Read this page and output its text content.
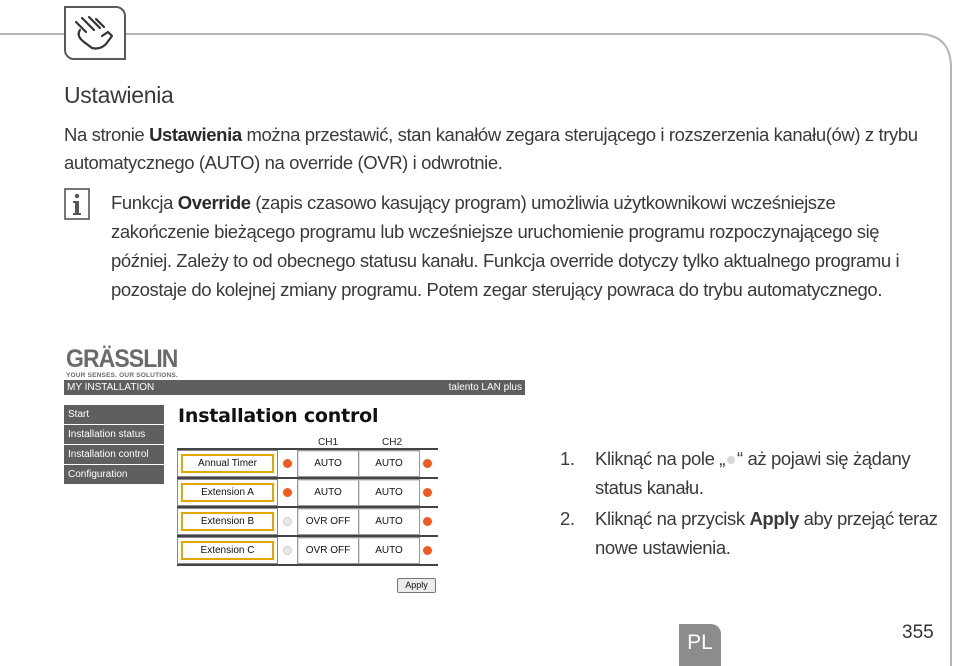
Ustawienia
Na stronie Ustawienia można przestawić, stan kanałów zegara sterującego i rozszerzenia kanału(ów) z trybu automatycznego (AUTO) na override (OVR) i odwrotnie.
Funkcja Override (zapis czasowo kasujący program) umożliwia użytkownikowi wcześniejsze zakończenie bieżącego programu lub wcześniejsze uruchomienie programu rozpoczynającego się później. Zależy to od obecnego statusu kanału. Funkcja override dotyczy tylko aktualnego programu i pozostaje do kolejnej zmiany programu. Potem zegar sterujący powraca do trybu automatycznego.
GRÄSSLIN
YOUR SENSES. OUR SOLUTIONS.
MY INSTALLATION	talento LAN plus
Start
Installation status
Installation control
Configuration
Installation control
CH1	CH2
Annual Timer	AUTO	AUTO
Extension A	AUTO	AUTO
Extension B	OVR OFF	AUTO
Extension C	OVR OFF	AUTO
Apply
1. Kliknąć na pole „ “ aż pojawi się żądany status kanału.
2. Kliknąć na przycisk Apply aby przejąć teraz nowe ustawienia.
PL	355
